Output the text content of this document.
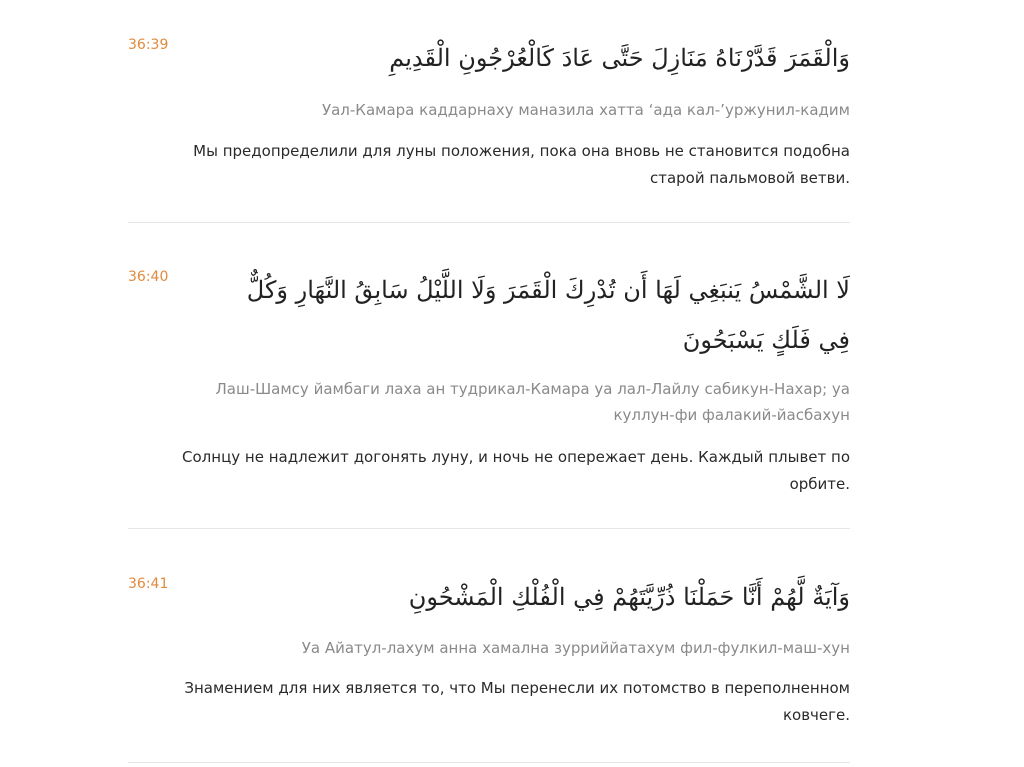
36:39	وَالْقَمَرَ قَدَّرْنَاهُ مَنَازِلَ حَتَّى عَادَ كَالْعُرْجُونِ الْقَدِيمِ
Уал-Камара каддарнаху маназила хатта ‘ада кал-’уржунил-кадим
Мы предопределили для луны положения, пока она вновь не становится подобна старой пальмовой ветви.
36:40	لَا الشَّمْسُ يَنبَغِي لَهَا أَن تُدْرِكَ الْقَمَرَ وَلَا اللَّيْلُ سَابِقُ النَّهَارِ وَكُلٌّ فِي فَلَكٍ يَسْبَحُونَ
Лаш-Шамсу йамбаги лаха ан тудрикал-Камара уа лал-Лайлу сабикун-Нахар; уа куллун-фи фалакий-йасбахун
Солнцу не надлежит догонять луну, и ночь не опережает день. Каждый плывет по орбите.
36:41	وَآيَةٌ لَّهُمْ أَنَّا حَمَلْنَا ذُرِّيَّتَهُمْ فِي الْفُلْكِ الْمَشْحُونِ
Уа Айатул-лахум анна хамална зурриййатахум фил-фулкил-маш-хун
Знамением для них является то, что Мы перенесли их потомство в переполненном ковчеге.
